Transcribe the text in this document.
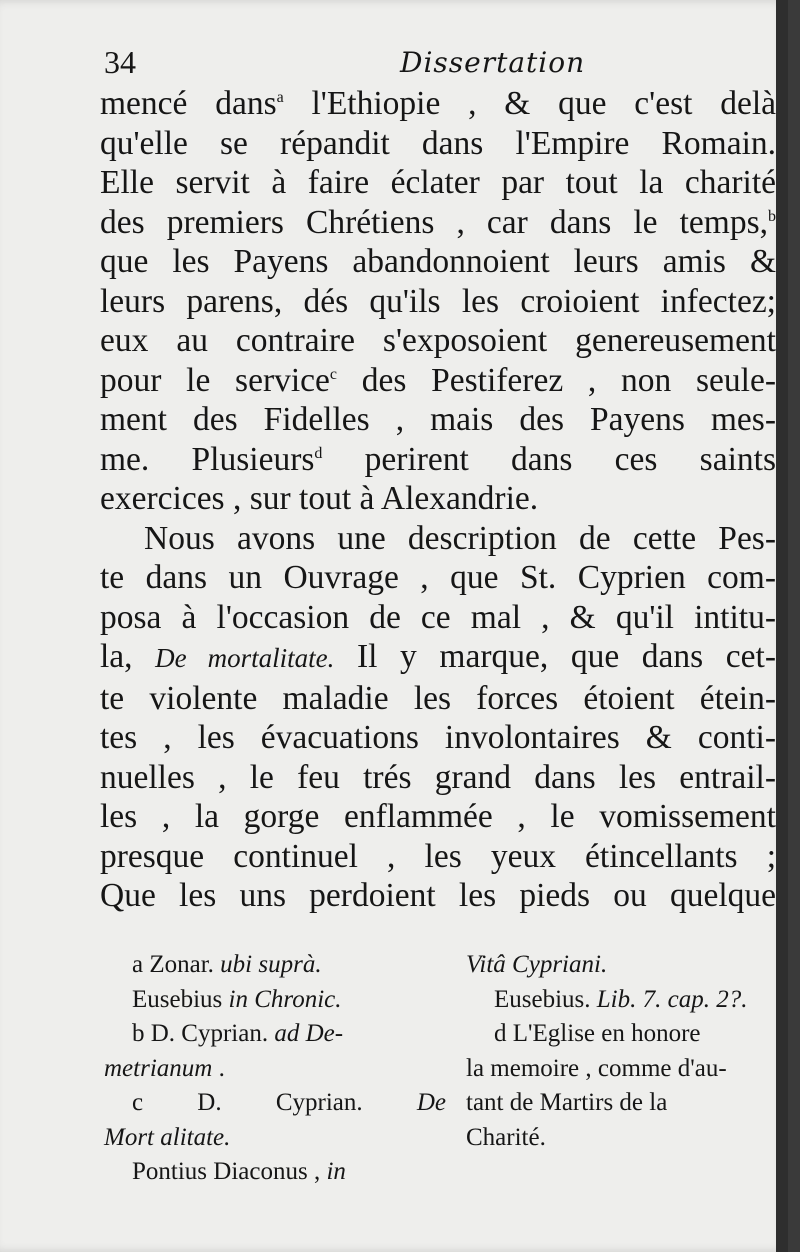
34	Dissertation
mencé dans$^a$ l'Ethiopie , & que c'est delà
qu'elle se répandit dans l'Empire Romain.
Elle servit à faire éclater par tout la charité
des premiers Chrétiens , car dans le temps,$^b$
que les Payens abandonnoient leurs amis &
leurs parens, dés qu'ils les croioient infectez;
eux au contraire s'exposoient genereusement
pour le service$^c$ des Pestiferez , non seule-
ment des Fidelles , mais des Payens mes-
me. Plusieurs$^d$ perirent dans ces saints
exercices , sur tout à Alexandrie.
Nous avons une description de cette Pes-
te dans un Ouvrage , que St. Cyprien com-
posa à l'occasion de ce mal , & qu'il intitu-
la, De mortalitate. Il y marque, que dans cet-
te violente maladie les forces étoient étein-
tes , les évacuations involontaires & conti-
nuelles , le feu trés grand dans les entrail-
les , la gorge enflammée , le vomissement
presque continuel , les yeux étincellants ;
Que les uns perdoient les pieds ou quelque
a Zonar. ubi suprà.
Eusebius in Chronic.
b D. Cyprian. ad De-
metrianum .
c D. Cyprian. De
Mort alitate.
Pontius Diaconus , in
Vitâ Cypriani.
Eusebius. Lib. 7. cap. 2?.
d L'Eglise en honore
la memoire , comme d'au-
tant de Martirs de la
Charité.
